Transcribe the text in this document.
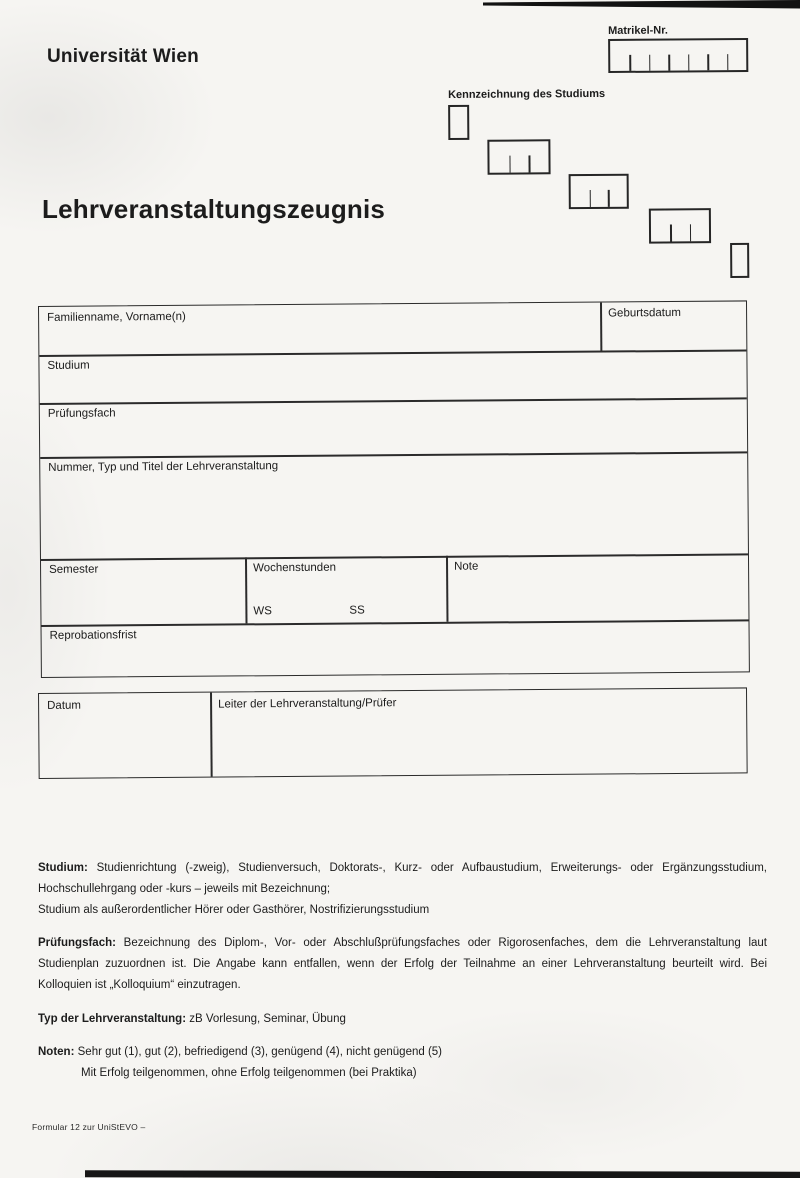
Universität Wien
Matrikel-Nr.
Kennzeichnung des Studiums
Lehrveranstaltungszeugnis
Familienname, Vorname(n)	Geburtsdatum
Studium
Prüfungsfach
Nummer, Typ und Titel der Lehrveranstaltung
Semester	Wochenstunden
WS	SS
Note
Reprobationsfrist
Datum	Leiter der Lehrveranstaltung/Prüfer

Studium: Studienrichtung (-zweig), Studienversuch, Doktorats-, Kurz- oder Aufbaustudium, Erweiterungs- oder Ergänzungsstudium, Hochschullehrgang oder -kurs – jeweils mit Bezeichnung;
Studium als außerordentlicher Hörer oder Gasthörer, Nostrifizierungsstudium

Prüfungsfach: Bezeichnung des Diplom-, Vor- oder Abschlußprüfungsfaches oder Rigorosenfaches, dem die Lehrveranstaltung laut Studienplan zuzuordnen ist. Die Angabe kann entfallen, wenn der Erfolg der Teilnahme an einer Lehrveranstaltung beurteilt wird. Bei Kolloquien ist „Kolloquium“ einzutragen.

Typ der Lehrveranstaltung: zB Vorlesung, Seminar, Übung

Noten: Sehr gut (1), gut (2), befriedigend (3), genügend (4), nicht genügend (5)
Mit Erfolg teilgenommen, ohne Erfolg teilgenommen (bei Praktika)

Formular 12 zur UniStEVO –
